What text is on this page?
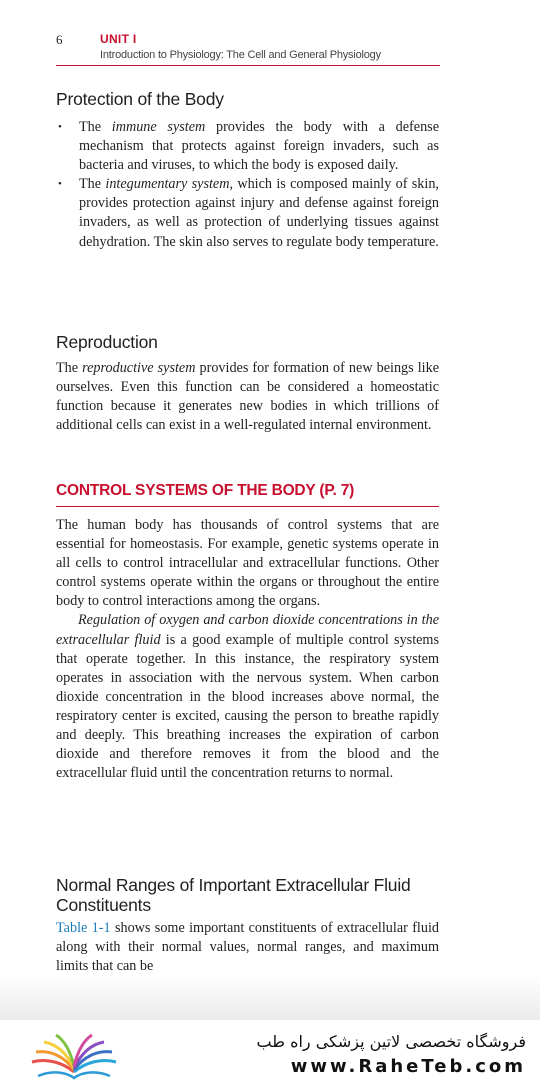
6	UNIT I
Introduction to Physiology: The Cell and General Physiology
Protection of the Body
• The immune system provides the body with a defense mechanism that protects against foreign invaders, such as bacteria and viruses, to which the body is exposed daily.
• The integumentary system, which is composed mainly of skin, provides protection against injury and defense against foreign invaders, as well as protection of underlying tissues against dehydration. The skin also serves to regulate body temperature.
Reproduction

The reproductive system provides for formation of new beings like ourselves. Even this function can be considered a homeostatic function because it generates new bodies in which trillions of additional cells can exist in a well-regulated internal environment.

CONTROL SYSTEMS OF THE BODY (P. 7)

The human body has thousands of control systems that are essential for homeostasis. For example, genetic systems operate in all cells to control intracellular and extracellular functions. Other control systems operate within the organs or throughout the entire body to control interactions among the organs.

Regulation of oxygen and carbon dioxide concentrations in the extracellular fluid is a good example of multiple control systems that operate together. In this instance, the respiratory system operates in association with the nervous system. When carbon dioxide concentration in the blood increases above normal, the respiratory center is excited, causing the person to breathe rapidly and deeply. This breathing increases the expiration of carbon dioxide and therefore removes it from the blood and the extracellular fluid until the concentration returns to normal.

Normal Ranges of Important Extracellular Fluid Constituents

Table 1-1 shows some important constituents of extracellular fluid along with their normal values, normal ranges, and maximum limits that can be

فروشگاه تخصصی لاتین پزشکی راه طب
www.RaheTeb.com
